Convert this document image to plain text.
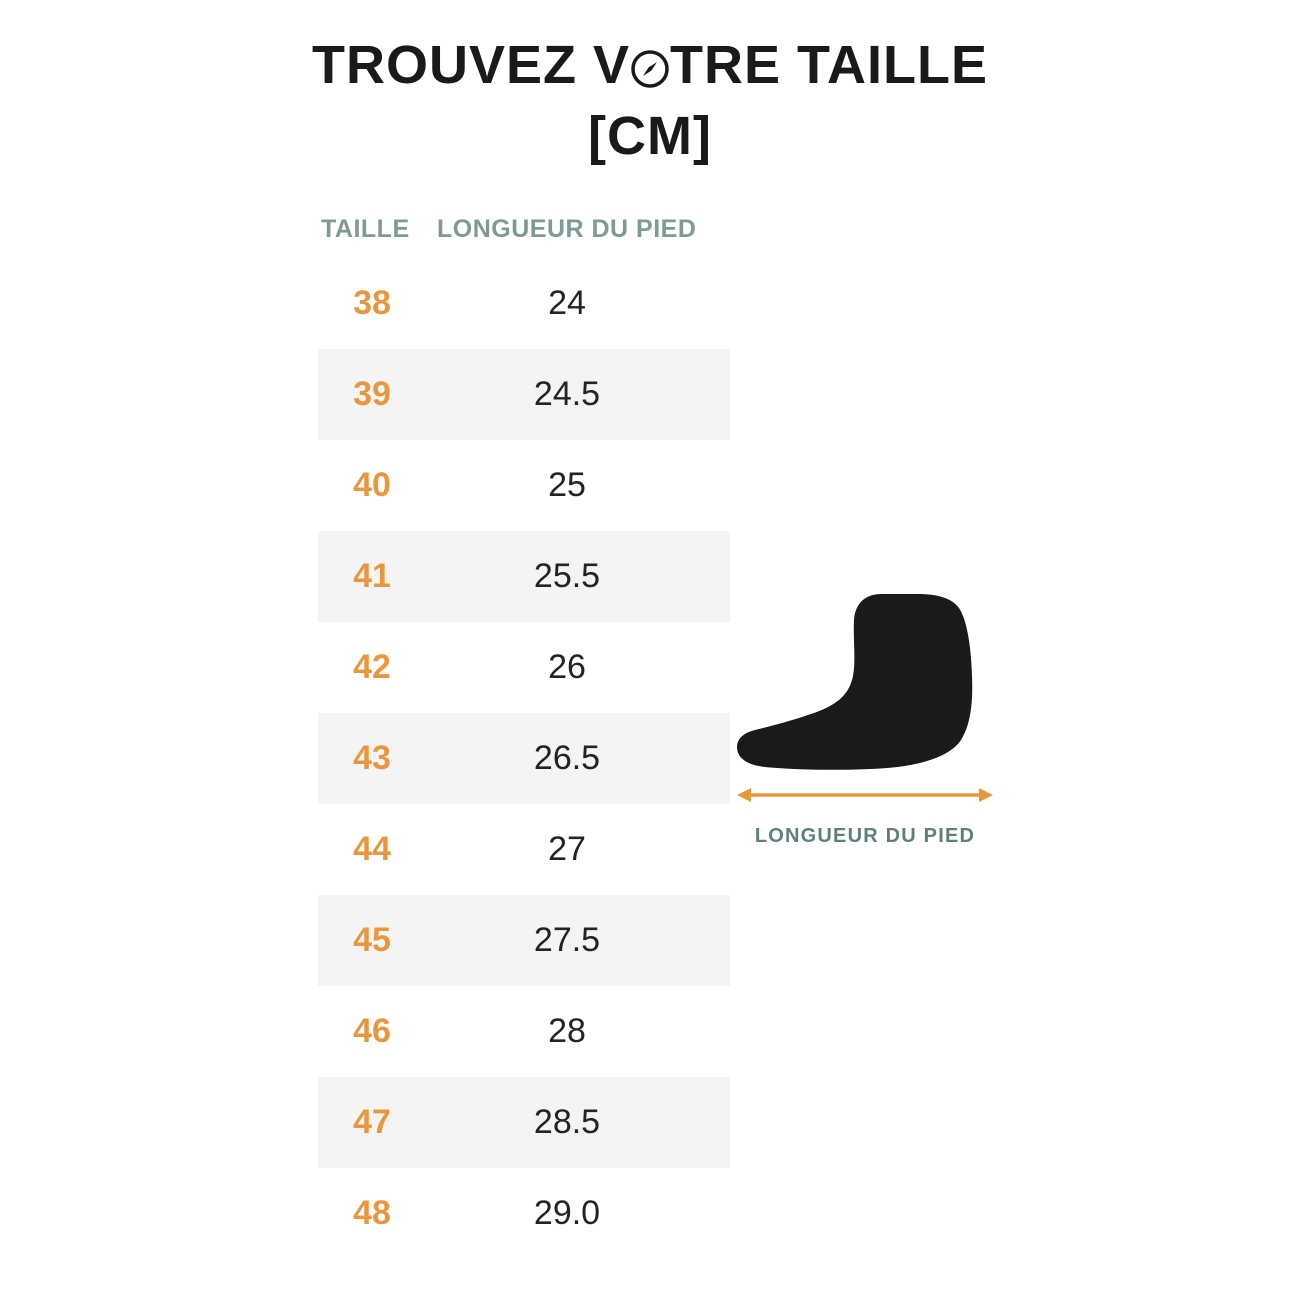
TROUVEZ V TRE TAILLE
[CM]
TAILLE	LONGUEUR DU PIED
38	24
39	24.5
40	25
41	25.5
42	26
43	26.5
44	27
45	27.5
46	28
47	28.5
48	29.0
LONGUEUR DU PIED
